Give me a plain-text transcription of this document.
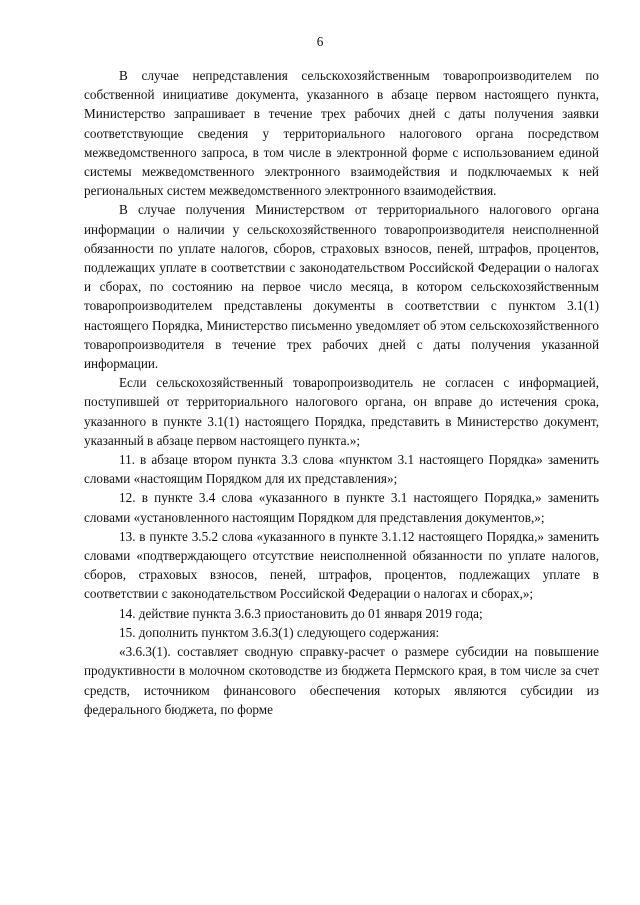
6

В случае непредставления сельскохозяйственным товаропроизводителем по собственной инициативе документа, указанного в абзаце первом настоящего пункта, Министерство запрашивает в течение трех рабочих дней с даты получения заявки соответствующие сведения у территориального налогового органа посредством межведомственного запроса, в том числе в электронной форме с использованием единой системы межведомственного электронного взаимодействия и подключаемых к ней региональных систем межведомственного электронного взаимодействия.

В случае получения Министерством от территориального налогового органа информации о наличии у сельскохозяйственного товаропроизводителя неисполненной обязанности по уплате налогов, сборов, страховых взносов, пеней, штрафов, процентов, подлежащих уплате в соответствии с законодательством Российской Федерации о налогах и сборах, по состоянию на первое число месяца, в котором сельскохозяйственным товаропроизводителем представлены документы в соответствии с пунктом 3.1(1) настоящего Порядка, Министерство письменно уведомляет об этом сельскохозяйственного товаропроизводителя в течение трех рабочих дней с даты получения указанной информации.

Если сельскохозяйственный товаропроизводитель не согласен с информацией, поступившей от территориального налогового органа, он вправе до истечения срока, указанного в пункте 3.1(1) настоящего Порядка, представить в Министерство документ, указанный в абзаце первом настоящего пункта.»;

11. в абзаце втором пункта 3.3 слова «пунктом 3.1 настоящего Порядка» заменить словами «настоящим Порядком для их представления»;

12. в пункте 3.4 слова «указанного в пункте 3.1 настоящего Порядка,» заменить словами «установленного настоящим Порядком для представления документов,»;

13. в пункте 3.5.2 слова «указанного в пункте 3.1.12 настоящего Порядка,» заменить словами «подтверждающего отсутствие неисполненной обязанности по уплате налогов, сборов, страховых взносов, пеней, штрафов, процентов, подлежащих уплате в соответствии с законодательством Российской Федерации о налогах и сборах,»;

14. действие пункта 3.6.3 приостановить до 01 января 2019 года;

15. дополнить пунктом 3.6.3(1) следующего содержания:

«3.6.3(1). составляет сводную справку-расчет о размере субсидии на повышение продуктивности в молочном скотоводстве из бюджета Пермского края, в том числе за счет средств, источником финансового обеспечения которых являются субсидии из федерального бюджета, по форме
